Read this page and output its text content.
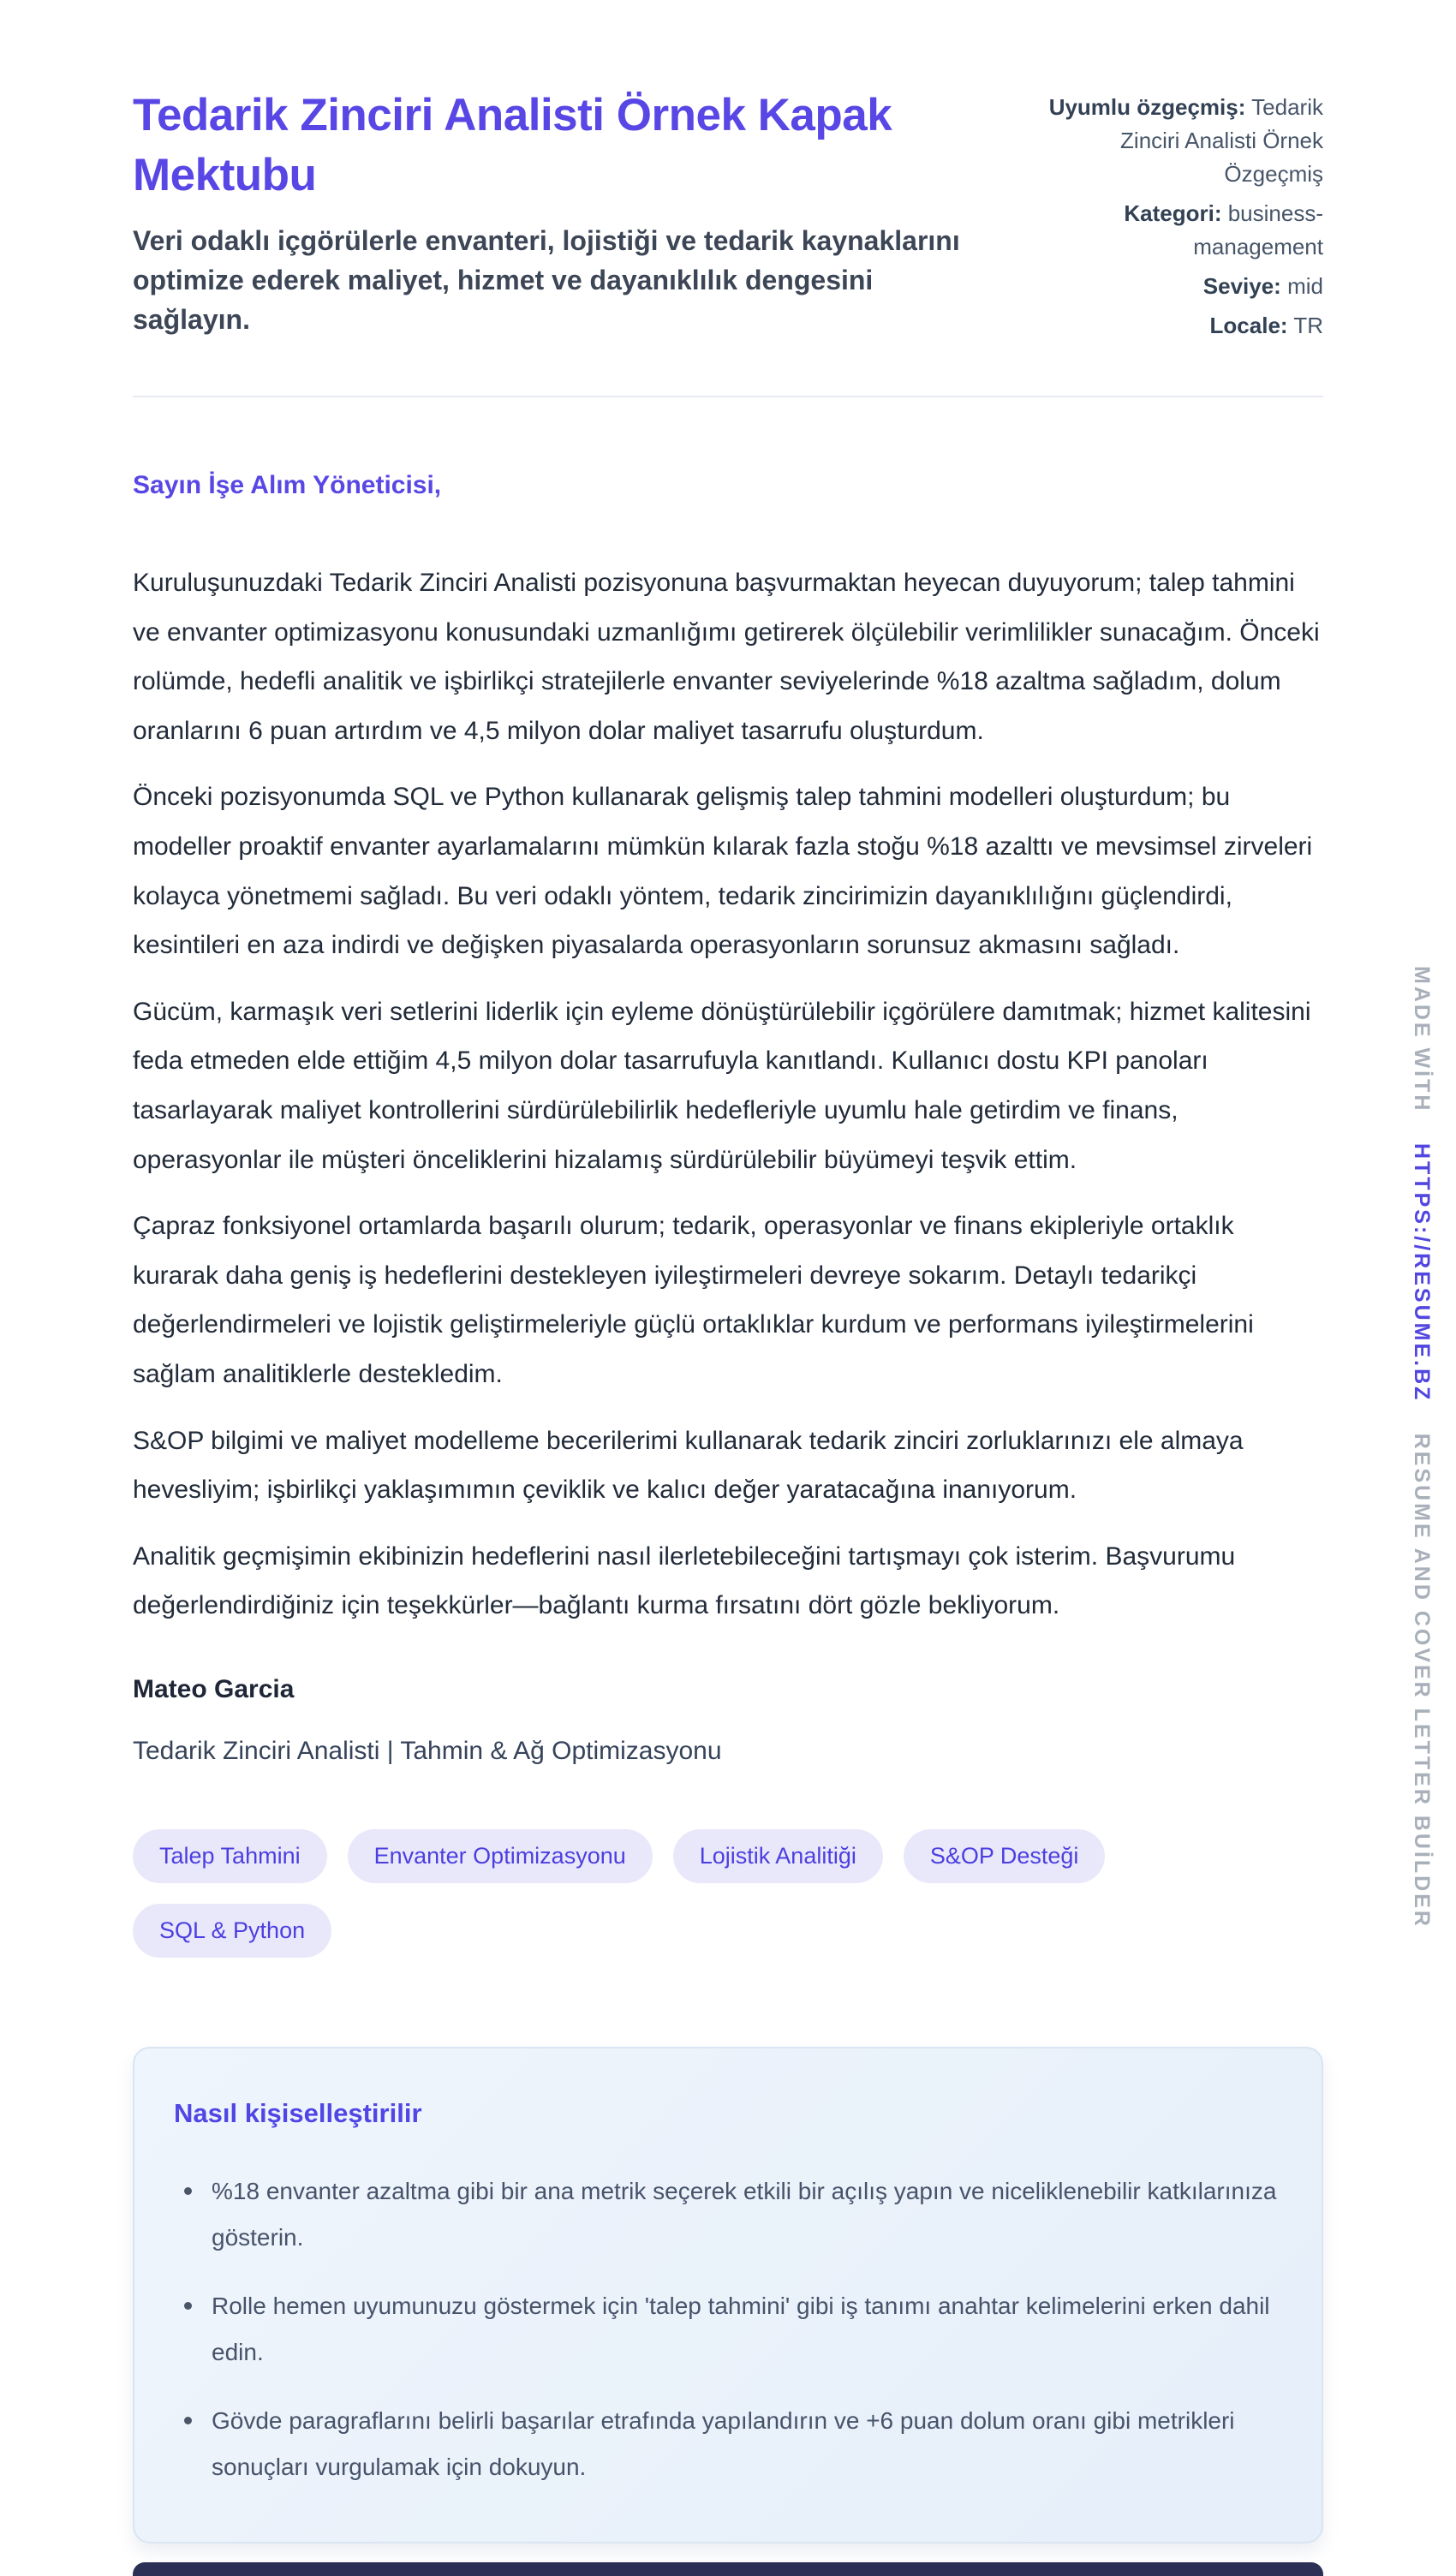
Tedarik Zinciri Analisti Örnek Kapak Mektubu
Veri odaklı içgörülerle envanteri, lojistiği ve tedarik kaynaklarını optimize ederek maliyet, hizmet ve dayanıklılık dengesini sağlayın.
Uyumlu özgeçmiş: Tedarik Zinciri Analisti Örnek Özgeçmiş
Kategori: business-management
Seviye: mid
Locale: TR
Sayın İşe Alım Yöneticisi,

Kuruluşunuzdaki Tedarik Zinciri Analisti pozisyonuna başvurmaktan heyecan duyuyorum; talep tahmini ve envanter optimizasyonu konusundaki uzmanlığımı getirerek ölçülebilir verimlilikler sunacağım. Önceki rolümde, hedefli analitik ve işbirlikçi stratejilerle envanter seviyelerinde %18 azaltma sağladım, dolum oranlarını 6 puan artırdım ve 4,5 milyon dolar maliyet tasarrufu oluşturdum.

Önceki pozisyonumda SQL ve Python kullanarak gelişmiş talep tahmini modelleri oluşturdum; bu modeller proaktif envanter ayarlamalarını mümkün kılarak fazla stoğu %18 azalttı ve mevsimsel zirveleri kolayca yönetmemi sağladı. Bu veri odaklı yöntem, tedarik zincirimizin dayanıklılığını güçlendirdi, kesintileri en aza indirdi ve değişken piyasalarda operasyonların sorunsuz akmasını sağladı.

Gücüm, karmaşık veri setlerini liderlik için eyleme dönüştürülebilir içgörülere damıtmak; hizmet kalitesini feda etmeden elde ettiğim 4,5 milyon dolar tasarrufuyla kanıtlandı. Kullanıcı dostu KPI panoları tasarlayarak maliyet kontrollerini sürdürülebilirlik hedefleriyle uyumlu hale getirdim ve finans, operasyonlar ile müşteri önceliklerini hizalamış sürdürülebilir büyümeyi teşvik ettim.

Çapraz fonksiyonel ortamlarda başarılı olurum; tedarik, operasyonlar ve finans ekipleriyle ortaklık kurarak daha geniş iş hedeflerini destekleyen iyileştirmeleri devreye sokarım. Detaylı tedarikçi değerlendirmeleri ve lojistik geliştirmeleriyle güçlü ortaklıklar kurdum ve performans iyileştirmelerini sağlam analitiklerle destekledim.

S&OP bilgimi ve maliyet modelleme becerilerimi kullanarak tedarik zinciri zorluklarınızı ele almaya hevesliyim; işbirlikçi yaklaşımımın çeviklik ve kalıcı değer yaratacağına inanıyorum.

Analitik geçmişimin ekibinizin hedeflerini nasıl ilerletebileceğini tartışmayı çok isterim. Başvurumu değerlendirdiğiniz için teşekkürler—bağlantı kurma fırsatını dört gözle bekliyorum.

Mateo Garcia
Tedarik Zinciri Analisti | Tahmin & Ağ Optimizasyonu
Talep Tahmini	Envanter Optimizasyonu	Lojistik Analitiği	S&OP Desteği
SQL & Python
Nasıl kişiselleştirilir
%18 envanter azaltma gibi bir ana metrik seçerek etkili bir açılış yapın ve niceliklenebilir katkılarınıza gösterin.
Rolle hemen uyumunuzu göstermek için 'talep tahmini' gibi iş tanımı anahtar kelimelerini erken dahil edin.
Gövde paragraflarını belirli başarılar etrafında yapılandırın ve +6 puan dolum oranı gibi metrikleri sonuçları vurgulamak için dokuyun.
MADE WİTH HTTPS://RESUME.BZ RESUME AND COVER LETTER BUİLDER
